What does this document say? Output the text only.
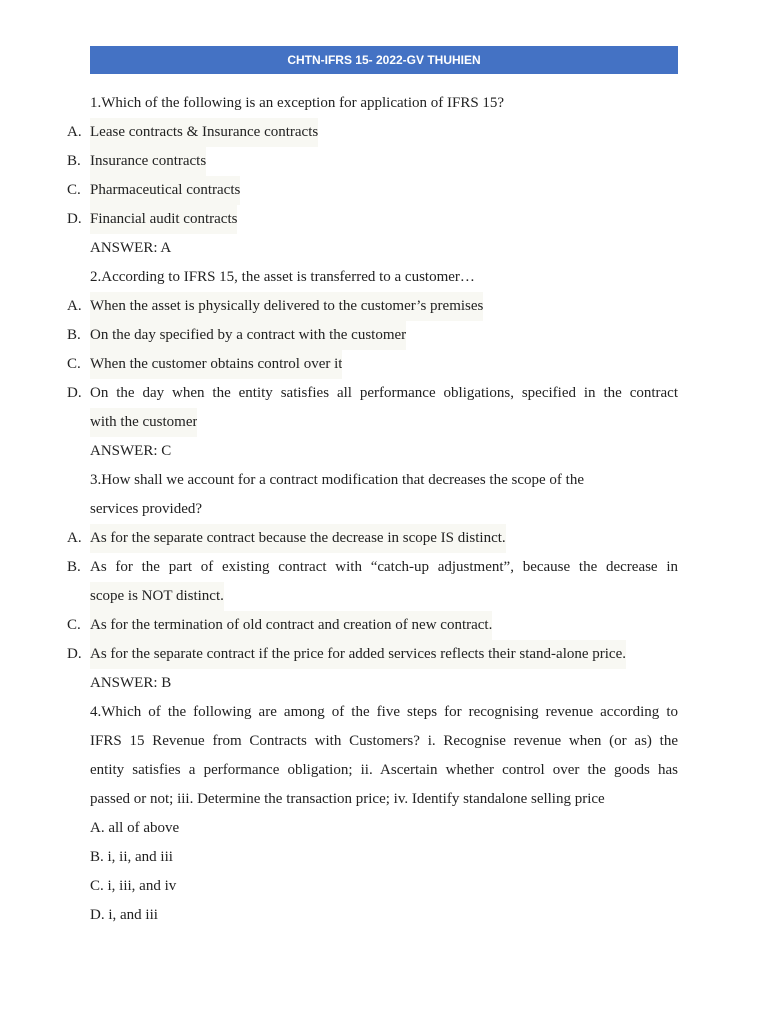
CHTN-IFRS 15- 2022-GV THUHIEN
1.Which of the following is an exception for application of IFRS 15?
A. Lease contracts & Insurance contracts
B. Insurance contracts
C. Pharmaceutical contracts
D. Financial audit contracts
ANSWER: A
2.According to IFRS 15, the asset is transferred to a customer…
A. When the asset is physically delivered to the customer’s premises
B. On the day specified by a contract with the customer
C. When the customer obtains control over it
D. On the day when the entity satisfies all performance obligations, specified in the contract
with the customer
ANSWER: C
3.How shall we account for a contract modification that decreases the scope of the
services provided?
A. As for the separate contract because the decrease in scope IS distinct.
B. As for the part of existing contract with “catch-up adjustment”, because the decrease in
scope is NOT distinct.
C. As for the termination of old contract and creation of new contract.
D. As for the separate contract if the price for added services reflects their stand-alone price.
ANSWER: B
4.Which of the following are among of the five steps for recognising revenue according to
IFRS 15 Revenue from Contracts with Customers? i. Recognise revenue when (or as) the
entity satisfies a performance obligation; ii. Ascertain whether control over the goods has
passed or not; iii. Determine the transaction price; iv. Identify standalone selling price
A. all of above
B. i, ii, and iii
C. i, iii, and iv
D. i, and iii
